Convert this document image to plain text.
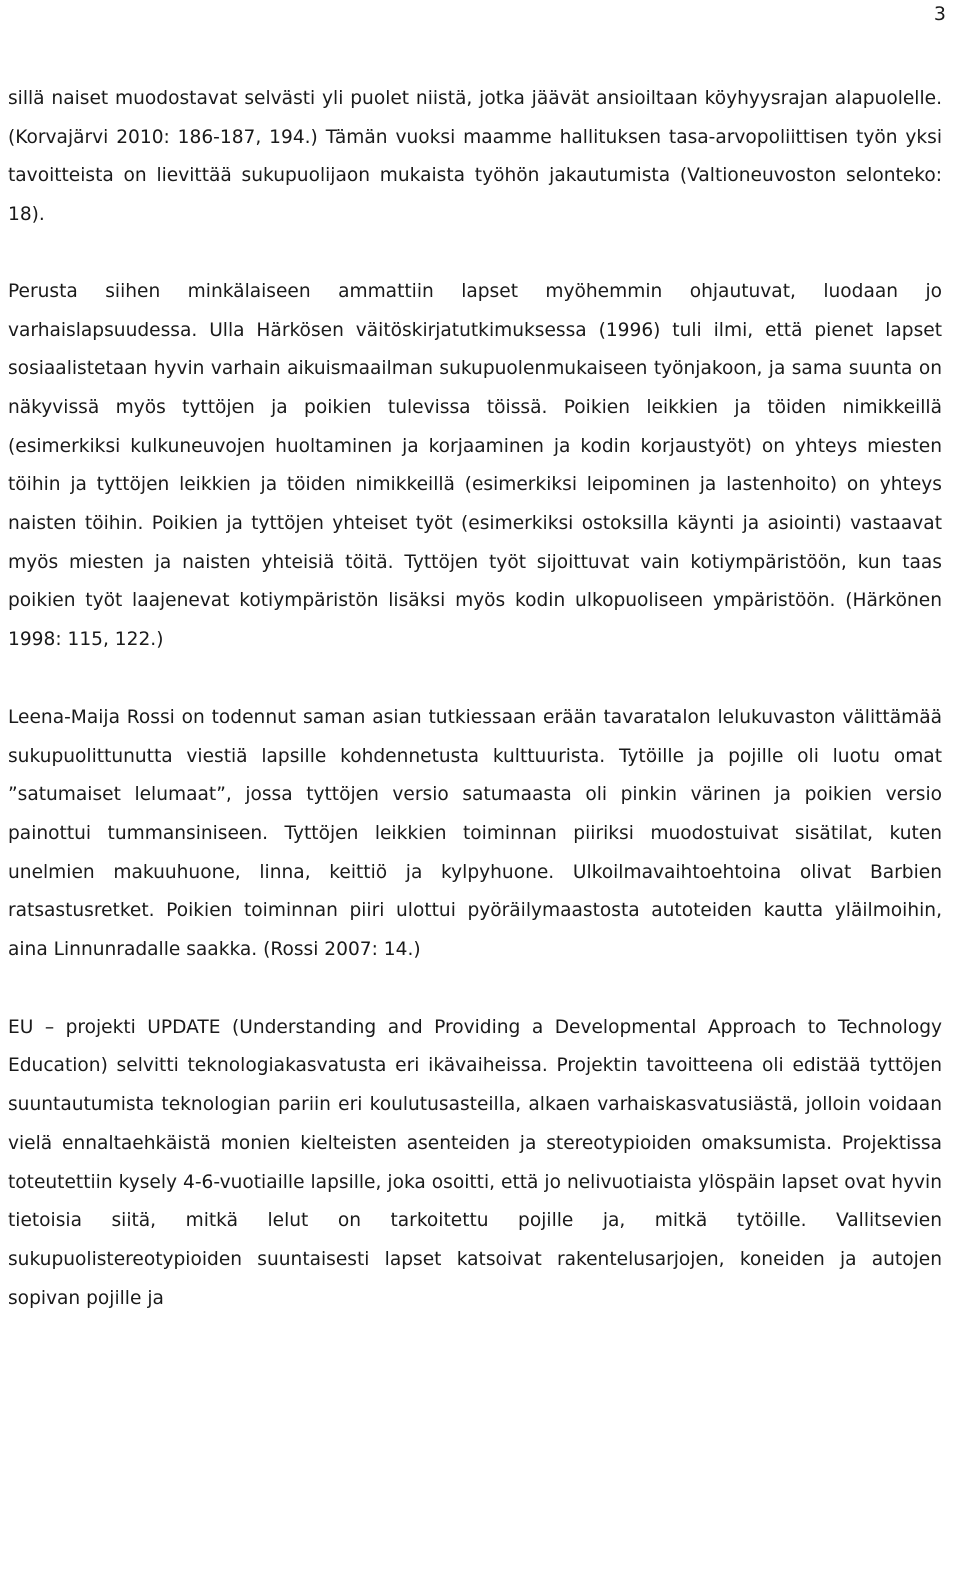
3

sillä naiset muodostavat selvästi yli puolet niistä, jotka jäävät ansioiltaan köyhyysrajan alapuolelle. (Korvajärvi 2010: 186-187, 194.) Tämän vuoksi maamme hallituksen tasa-arvopoliittisen työn yksi tavoitteista on lievittää sukupuolijaon mukaista työhön jakautumista (Valtioneuvoston selonteko: 18).

Perusta siihen minkälaiseen ammattiin lapset myöhemmin ohjautuvat, luodaan jo varhaislapsuudessa. Ulla Härkösen väitöskirjatutkimuksessa (1996) tuli ilmi, että pienet lapset sosiaalistetaan hyvin varhain aikuismaailman sukupuolenmukaiseen työnjakoon, ja sama suunta on näkyvissä myös tyttöjen ja poikien tulevissa töissä. Poikien leikkien ja töiden nimikkeillä (esimerkiksi kulkuneuvojen huoltaminen ja korjaaminen ja kodin korjaustyöt) on yhteys miesten töihin ja tyttöjen leikkien ja töiden nimikkeillä (esimerkiksi leipominen ja lastenhoito) on yhteys naisten töihin. Poikien ja tyttöjen yhteiset työt (esimerkiksi ostoksilla käynti ja asiointi) vastaavat myös miesten ja naisten yhteisiä töitä. Tyttöjen työt sijoittuvat vain kotiympäristöön, kun taas poikien työt laajenevat kotiympäristön lisäksi myös kodin ulkopuoliseen ympäristöön. (Härkönen 1998: 115, 122.)

Leena-Maija Rossi on todennut saman asian tutkiessaan erään tavaratalon lelukuvaston välittämää sukupuolittunutta viestiä lapsille kohdennetusta kulttuurista. Tytöille ja pojille oli luotu omat ”satumaiset lelumaat”, jossa tyttöjen versio satumaasta oli pinkin värinen ja poikien versio painottui tummansiniseen. Tyttöjen leikkien toiminnan piiriksi muodostuivat sisätilat, kuten unelmien makuuhuone, linna, keittiö ja kylpyhuone. Ulkoilmavaihtoehtoina olivat Barbien ratsastusretket. Poikien toiminnan piiri ulottui pyöräilymaastosta autoteiden kautta yläilmoihin, aina Linnunradalle saakka. (Rossi 2007: 14.)

EU – projekti UPDATE (Understanding and Providing a Developmental Approach to Technology Education) selvitti teknologiakasvatusta eri ikävaiheissa. Projektin tavoitteena oli edistää tyttöjen suuntautumista teknologian pariin eri koulutusasteilla, alkaen varhaiskasvatusiästä, jolloin voidaan vielä ennaltaehkäistä monien kielteisten asenteiden ja stereotypioiden omaksumista. Projektissa toteutettiin kysely 4-6-vuotiaille lapsille, joka osoitti, että jo nelivuotiaista ylöspäin lapset ovat hyvin tietoisia siitä, mitkä lelut on tarkoitettu pojille ja, mitkä tytöille. Vallitsevien sukupuolistereotypioiden suuntaisesti lapset katsoivat rakentelusarjojen, koneiden ja autojen sopivan pojille ja
